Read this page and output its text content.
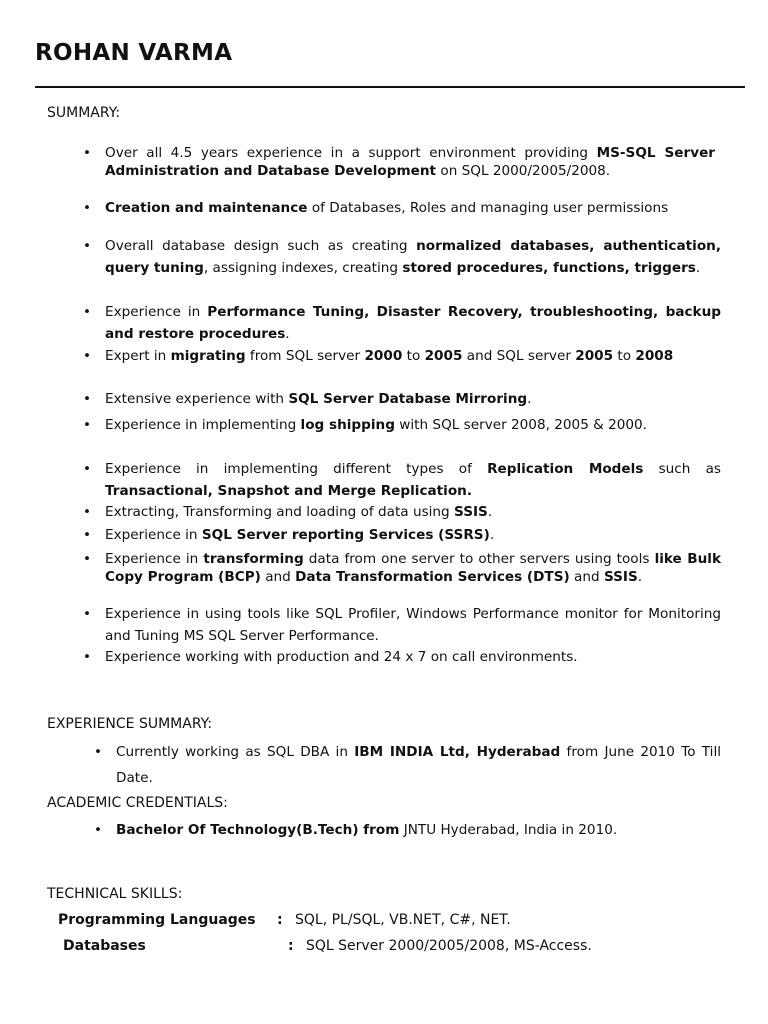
ROHAN VARMA
SUMMARY:
• Over all 4.5 years experience in a support environment providing MS-SQL Server Administration and Database Development on SQL 2000/2005/2008.
• Creation and maintenance of Databases, Roles and managing user permissions
• Overall database design such as creating normalized databases, authentication, query tuning, assigning indexes, creating stored procedures, functions, triggers.
• Experience in Performance Tuning, Disaster Recovery, troubleshooting, backup and restore procedures.
• Expert in migrating from SQL server 2000 to 2005 and SQL server 2005 to 2008
• Extensive experience with SQL Server Database Mirroring.
• Experience in implementing log shipping with SQL server 2008, 2005 & 2000.
• Experience in implementing different types of Replication Models such as Transactional, Snapshot and Merge Replication.
• Extracting, Transforming and loading of data using SSIS.
• Experience in SQL Server reporting Services (SSRS).
• Experience in transforming data from one server to other servers using tools like Bulk Copy Program (BCP) and Data Transformation Services (DTS) and SSIS.
• Experience in using tools like SQL Profiler, Windows Performance monitor for Monitoring and Tuning MS SQL Server Performance.
• Experience working with production and 24 x 7 on call environments.
EXPERIENCE SUMMARY:
• Currently working as SQL DBA in IBM INDIA Ltd, Hyderabad from June 2010 To Till Date.
ACADEMIC CREDENTIALS:
• Bachelor Of Technology(B.Tech) from JNTU Hyderabad, India in 2010.
TECHNICAL SKILLS:
Programming Languages : SQL, PL/SQL, VB.NET, C#, NET.
Databases	: SQL Server 2000/2005/2008, MS-Access.
